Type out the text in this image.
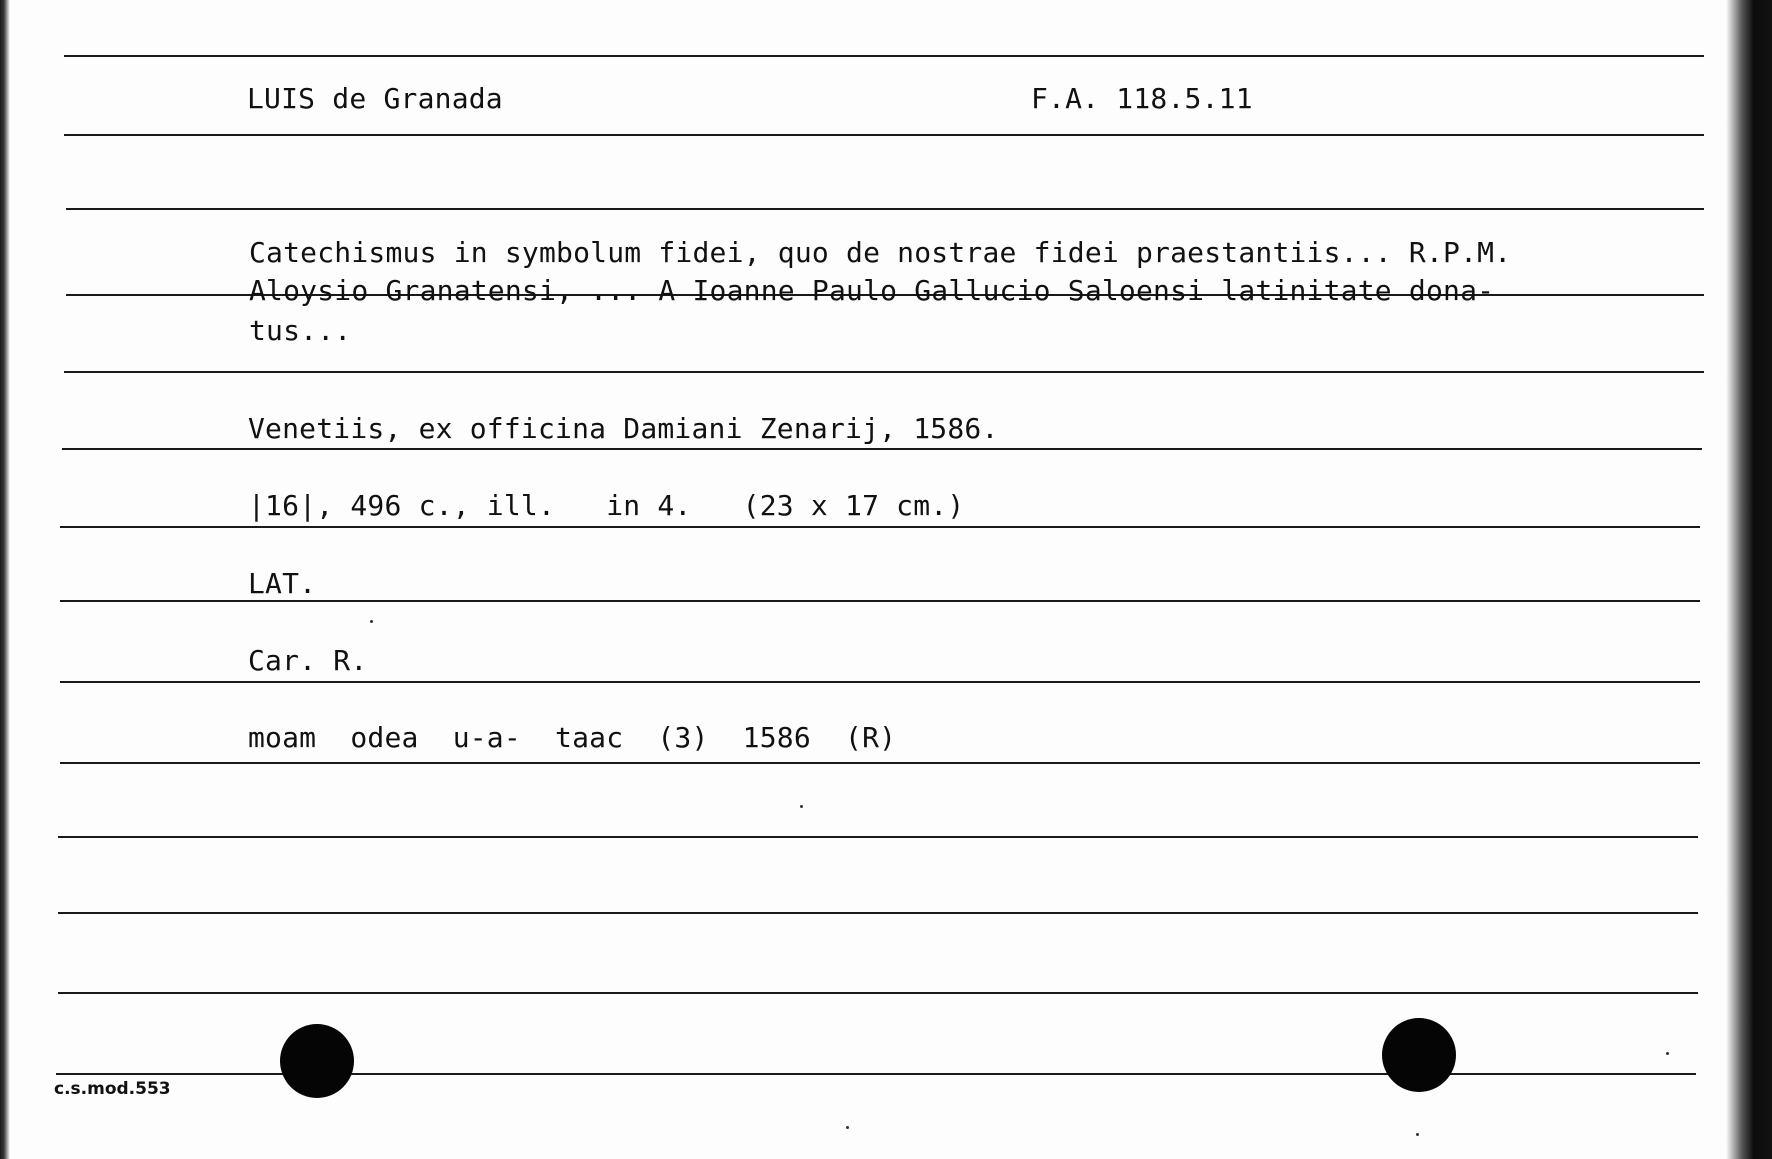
LUIS de Granada	F.A. 118.5.11
Catechismus in symbolum fidei, quo de nostrae fidei praestantiis... R.P.M.
Aloysio Granatensi, ... A Ioanne Paulo Gallucio Saloensi latinitate dona-
tus...
Venetiis, ex officina Damiani Zenarij, 1586.
|16|, 496 c., ill.   in 4.   (23 x 17 cm.)
LAT.
Car. R.
moam  odea  u-a-  taac  (3)  1586  (R)
c.s.mod.553
